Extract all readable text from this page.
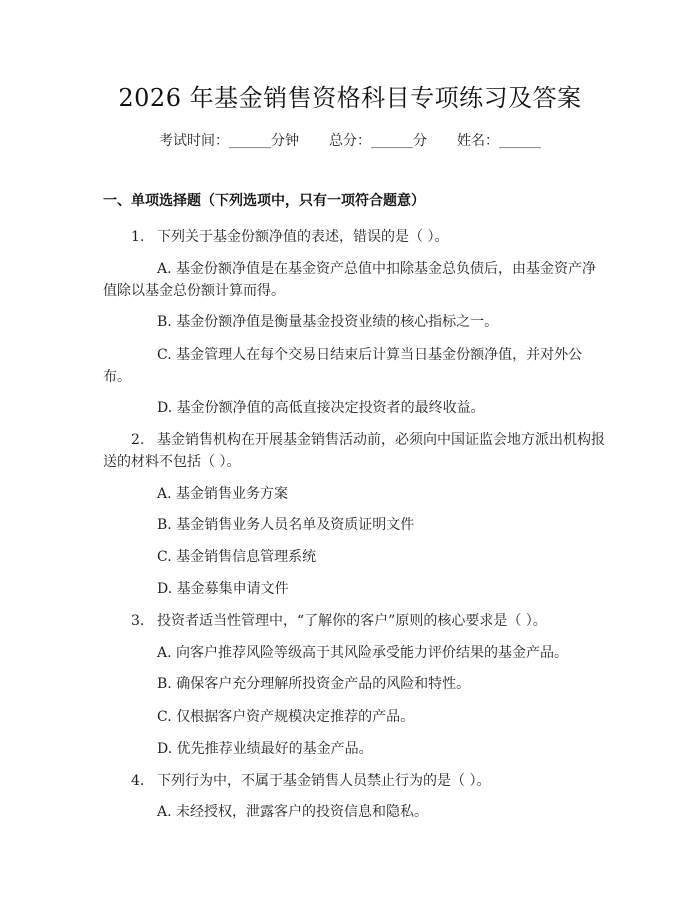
2026 年基金销售资格科目专项练习及答案
考试时间：______分钟 总分：______分 姓名：______
一、单项选择题（下列选项中，只有一项符合题意）
1. 下列关于基金份额净值的表述，错误的是（ ）。
A. 基金份额净值是在基金资产总值中扣除基金总负债后，由基金资产净
值除以基金总份额计算而得。
B. 基金份额净值是衡量基金投资业绩的核心指标之一。
C. 基金管理人在每个交易日结束后计算当日基金份额净值，并对外公
布。
D. 基金份额净值的高低直接决定投资者的最终收益。
2. 基金销售机构在开展基金销售活动前，必须向中国证监会地方派出机构报
送的材料不包括（ ）。
A. 基金销售业务方案
B. 基金销售业务人员名单及资质证明文件
C. 基金销售信息管理系统
D. 基金募集申请文件
3. 投资者适当性管理中，“了解你的客户”原则的核心要求是（ ）。
A. 向客户推荐风险等级高于其风险承受能力评价结果的基金产品。
B. 确保客户充分理解所投资金产品的风险和特性。
C. 仅根据客户资产规模决定推荐的产品。
D. 优先推荐业绩最好的基金产品。
4. 下列行为中，不属于基金销售人员禁止行为的是（ ）。
A. 未经授权，泄露客户的投资信息和隐私。
